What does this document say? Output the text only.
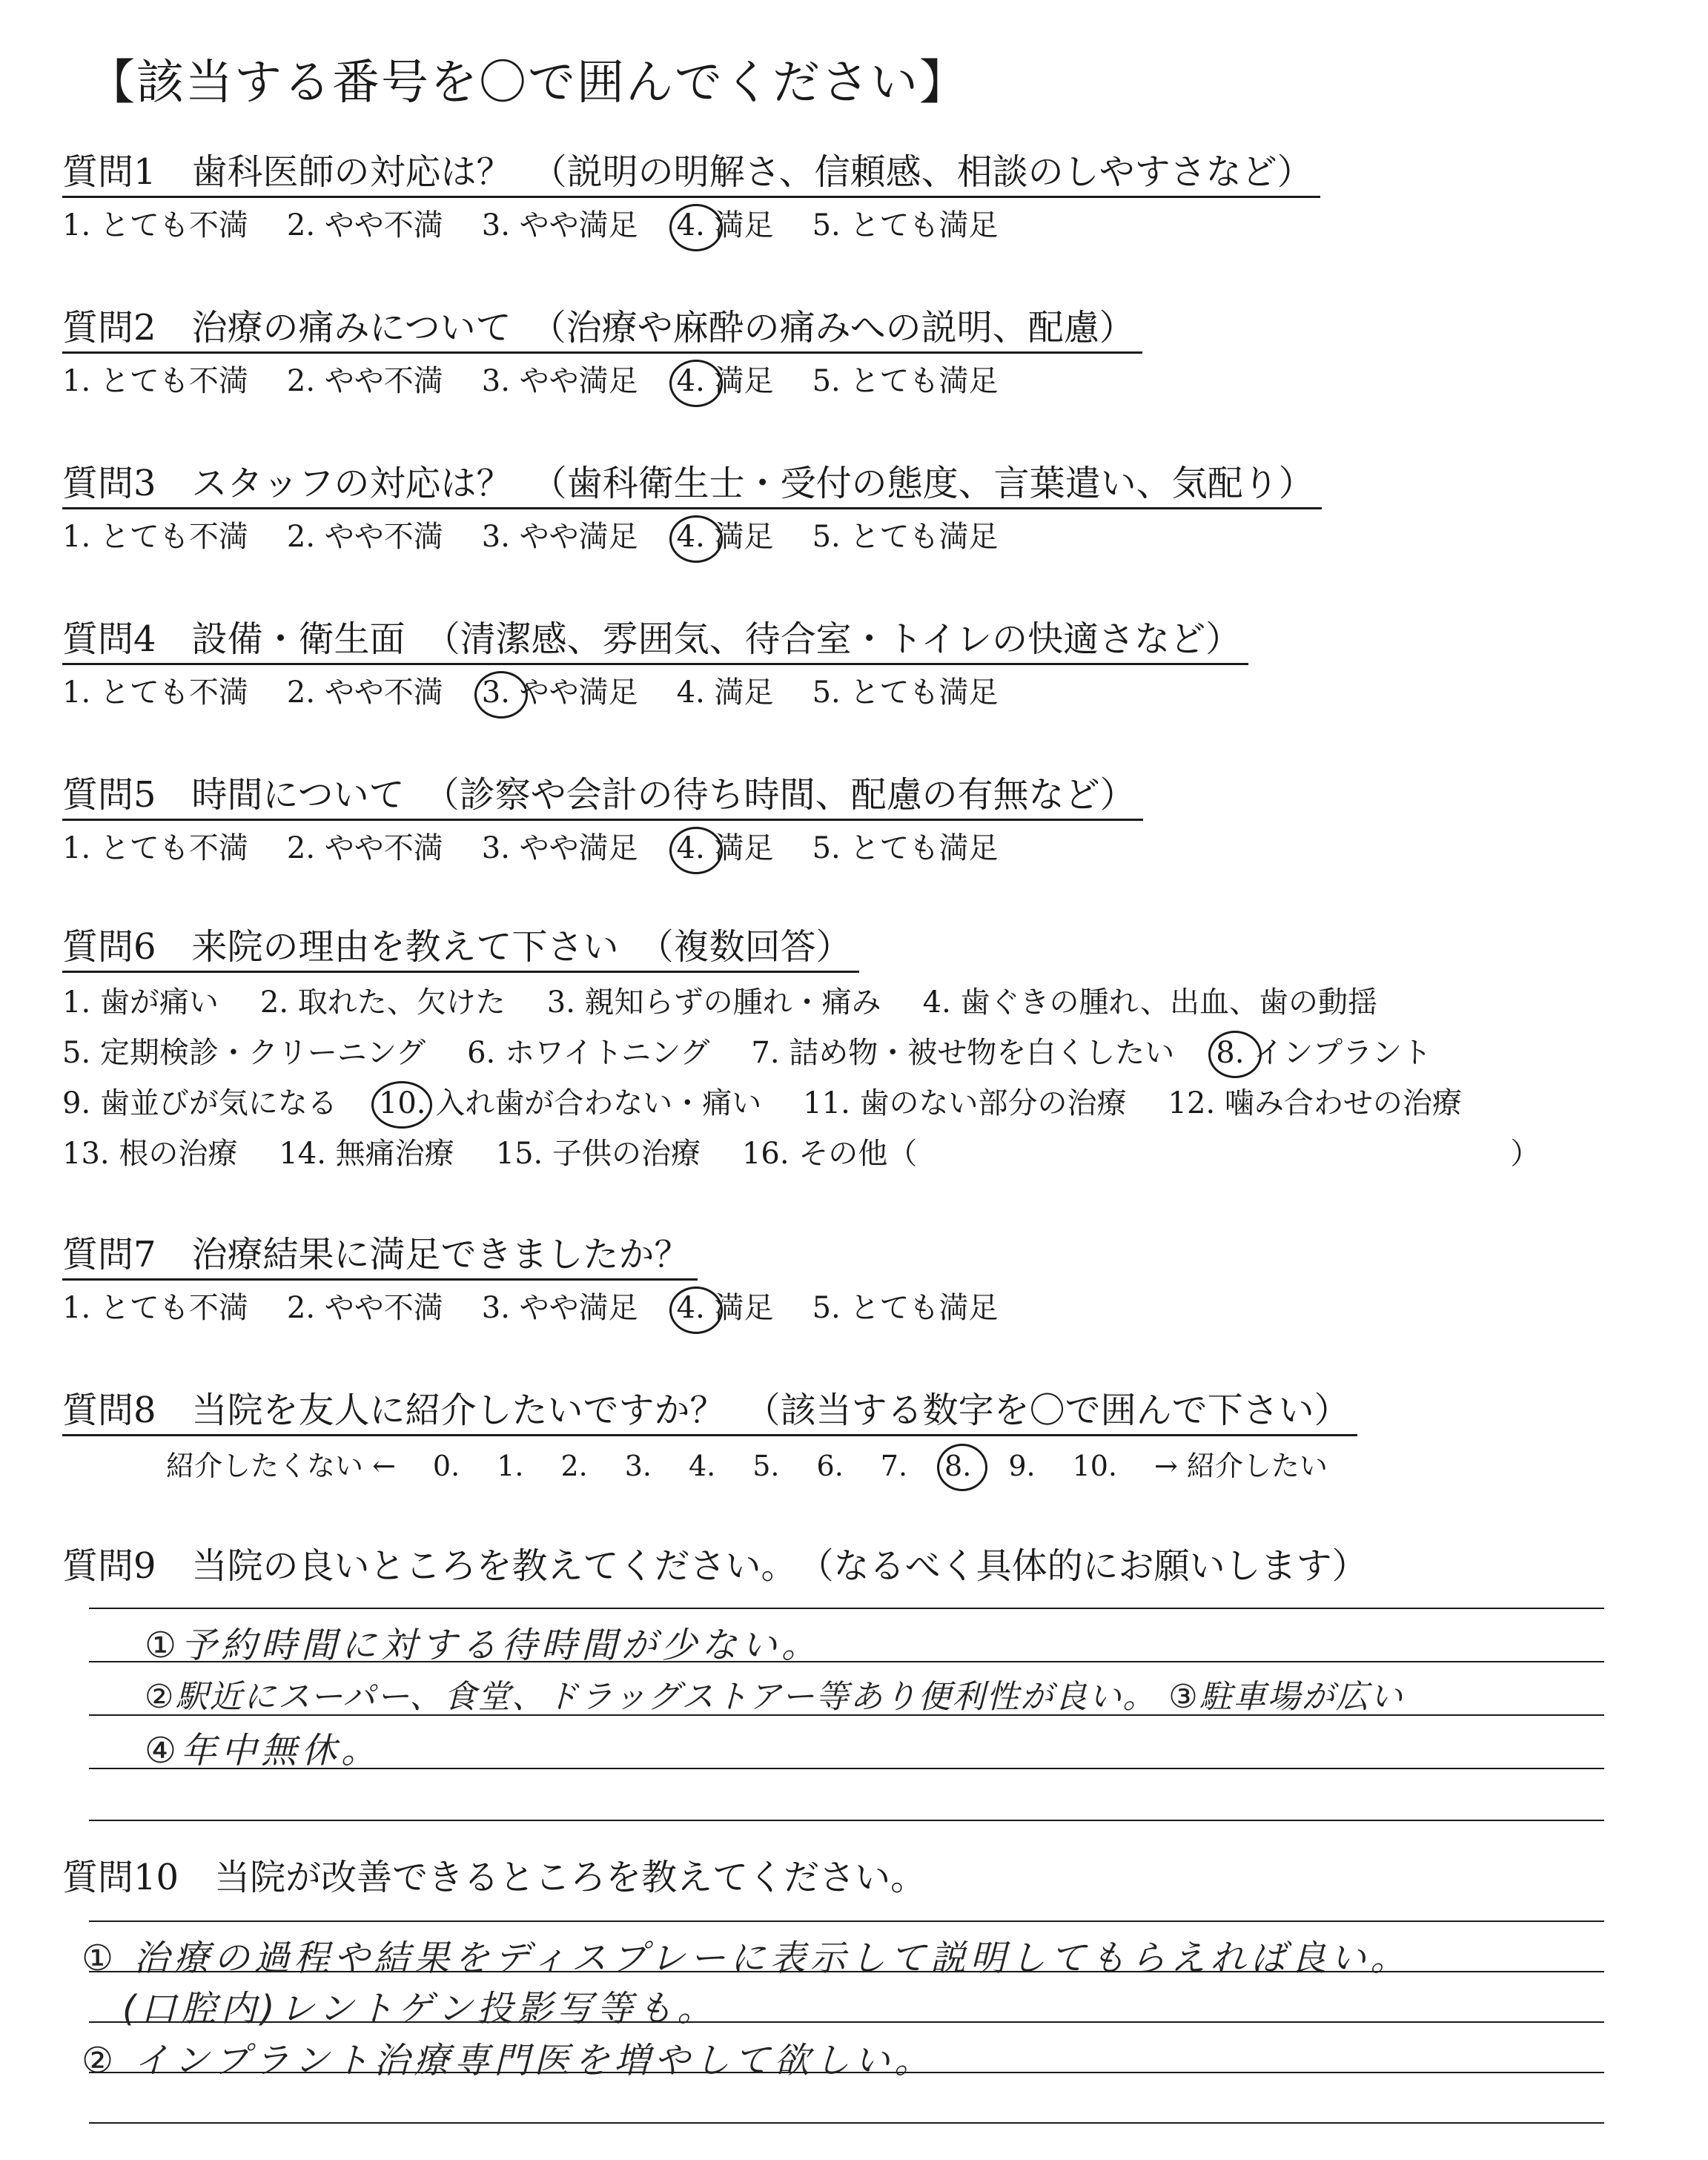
【該当する番号を〇で囲んでください】
質問1 歯科医師の対応は？ （説明の明解さ、信頼感、相談のしやすさなど）
1. とても不満 2. やや不満 3. やや満足 4. 満足 5. とても満足
質問2 治療の痛みについて （治療や麻酔の痛みへの説明、配慮）
1. とても不満 2. やや不満 3. やや満足 4. 満足 5. とても満足
質問3 スタッフの対応は？ （歯科衛生士・受付の態度、言葉遣い、気配り）
1. とても不満 2. やや不満 3. やや満足 4. 満足 5. とても満足
質問4 設備・衛生面 （清潔感、雰囲気、待合室・トイレの快適さなど）
1. とても不満 2. やや不満 3. やや満足 4. 満足 5. とても満足
質問5 時間について （診察や会計の待ち時間、配慮の有無など）
1. とても不満 2. やや不満 3. やや満足 4. 満足 5. とても満足
質問6 来院の理由を教えて下さい （複数回答）
1. 歯が痛い 2. 取れた、欠けた 3. 親知らずの腫れ・痛み 4. 歯ぐきの腫れ、出血、歯の動揺
5. 定期検診・クリーニング 6. ホワイトニング 7. 詰め物・被せ物を白くしたい 8. インプラント
9. 歯並びが気になる 10. 入れ歯が合わない・痛い 11. 歯のない部分の治療 12. 噛み合わせの治療
13. 根の治療 14. 無痛治療 15. 子供の治療 16. その他（	）
質問7 治療結果に満足できましたか？
1. とても不満 2. やや不満 3. やや満足 4. 満足 5. とても満足
質問8 当院を友人に紹介したいですか？ （該当する数字を〇で囲んで下さい）
紹介したくない ← 0. 1. 2. 3. 4. 5. 6. 7. 8. 9. 10. → 紹介したい
質問9 当院の良いところを教えてください。 （なるべく具体的にお願いします）
①予約時間に対する待時間が少ない。
②駅近にスーパー、食堂、ドラッグストアー等あり便利性が良い。 ③駐車場が広い
④年中無休。
質問10 当院が改善できるところを教えてください。
① 治療の過程や結果をディスプレーに表示して説明してもらえれば良い。
(口腔内)レントゲン投影写等も。
② インプラント治療専門医を増やして欲しい。
